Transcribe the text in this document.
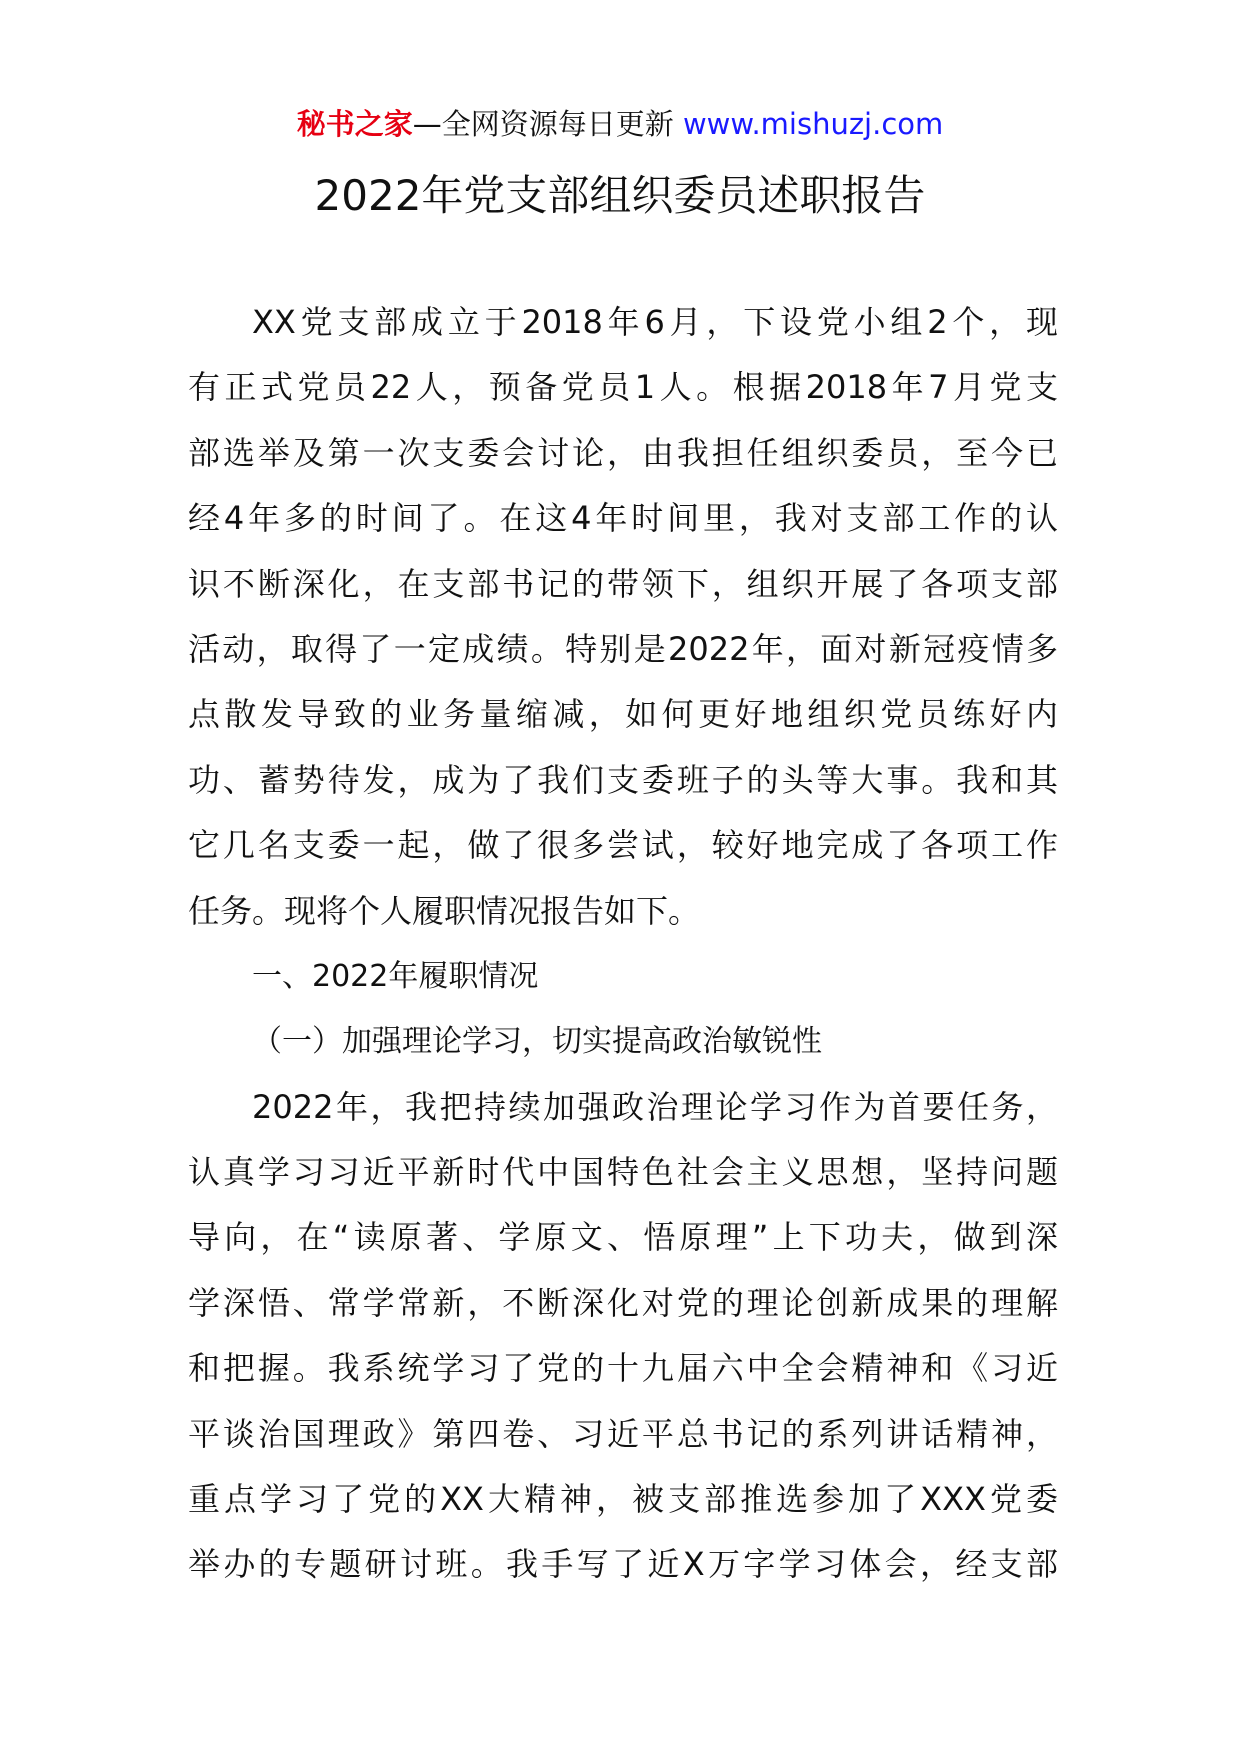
秘书之家—全网资源每日更新 www.mishuzj.com
2022年党支部组织委员述职报告
XX党支部成立于2018年6月，下设党小组2个，现
有正式党员22人，预备党员1人。根据2018年7月党支
部选举及第一次支委会讨论，由我担任组织委员，至今已
经4年多的时间了。在这4年时间里，我对支部工作的认
识不断深化，在支部书记的带领下，组织开展了各项支部
活动，取得了一定成绩。特别是2022年，面对新冠疫情多
点散发导致的业务量缩减，如何更好地组织党员练好内
功、蓄势待发，成为了我们支委班子的头等大事。我和其
它几名支委一起，做了很多尝试，较好地完成了各项工作
任务。现将个人履职情况报告如下。
一、2022年履职情况
（一）加强理论学习，切实提高政治敏锐性
2022年，我把持续加强政治理论学习作为首要任务，
认真学习习近平新时代中国特色社会主义思想，坚持问题
导向，在“读原著、学原文、悟原理”上下功夫，做到深
学深悟、常学常新，不断深化对党的理论创新成果的理解
和把握。我系统学习了党的十九届六中全会精神和《习近
平谈治国理政》第四卷、习近平总书记的系列讲话精神，
重点学习了党的XX大精神，被支部推选参加了XXX党委
举办的专题研讨班。我手写了近X万字学习体会，经支部
